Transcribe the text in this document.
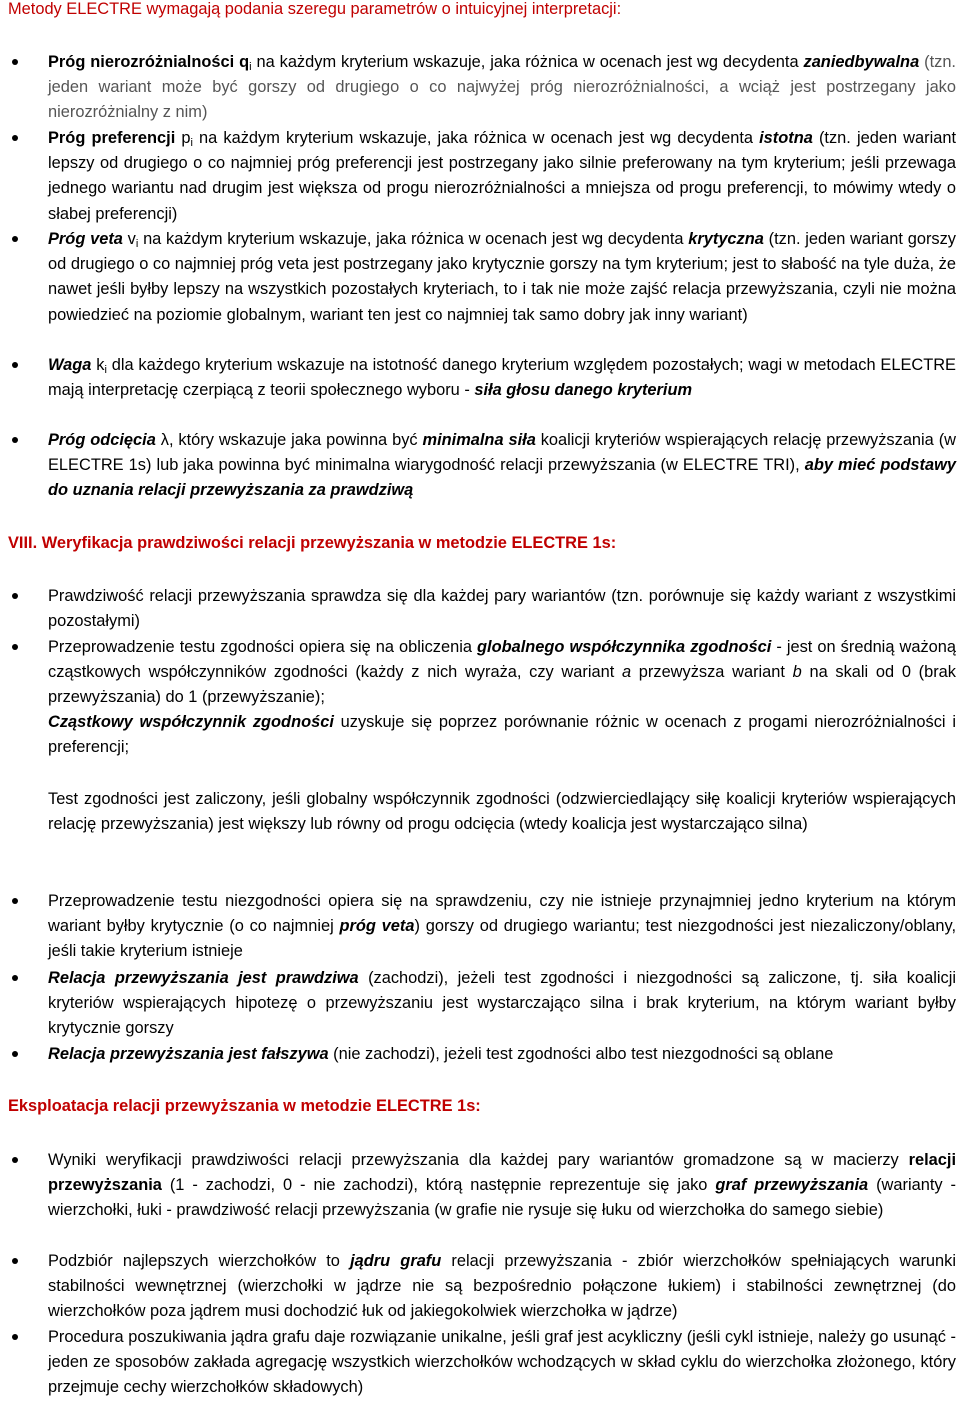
Metody ELECTRE wymagają podania szeregu parametrów o intuicyjnej interpretacji:
Próg nierozróżnialności $q_i$ na każdym kryterium wskazuje, jaka różnica w ocenach jest wg decydenta zaniedbywalna (tzn. jeden wariant może być gorszy od drugiego o co najwyżej próg nierozróżnialności, a wciąż jest postrzegany jako nierozróżnialny z nim)
Próg preferencji $p_i$ na każdym kryterium wskazuje, jaka różnica w ocenach jest wg decydenta istotna (tzn. jeden wariant lepszy od drugiego o co najmniej próg preferencji jest postrzegany jako silnie preferowany na tym kryterium; jeśli przewaga jednego wariantu nad drugim jest większa od progu nierozróżnialności a mniejsza od progu preferencji, to mówimy wtedy o słabej preferencji)
Próg veta $v_i$ na każdym kryterium wskazuje, jaka różnica w ocenach jest wg decydenta krytyczna (tzn. jeden wariant gorszy od drugiego o co najmniej próg veta jest postrzegany jako krytycznie gorszy na tym kryterium; jest to słabość na tyle duża, że nawet jeśli byłby lepszy na wszystkich pozostałych kryteriach, to i tak nie może zajść relacja przewyższania, czyli nie można powiedzieć na poziomie globalnym, wariant ten jest co najmniej tak samo dobry jak inny wariant)
Waga $k_i$ dla każdego kryterium wskazuje na istotność danego kryterium względem pozostałych; wagi w metodach ELECTRE mają interpretację czerpiącą z teorii społecznego wyboru - siła głosu danego kryterium
Próg odcięcia λ, który wskazuje jaka powinna być minimalna siła koalicji kryteriów wspierających relację przewyższania (w ELECTRE 1s) lub jaka powinna być minimalna wiarygodność relacji przewyższania (w ELECTRE TRI), aby mieć podstawy do uznania relacji przewyższania za prawdziwą
VIII. Weryfikacja prawdziwości relacji przewyższania w metodzie ELECTRE 1s:
Prawdziwość relacji przewyższania sprawdza się dla każdej pary wariantów (tzn. porównuje się każdy wariant z wszystkimi pozostałymi)
Przeprowadzenie testu zgodności opiera się na obliczenia globalnego współczynnika zgodności - jest on średnią ważoną cząstkowych współczynników zgodności (każdy z nich wyraża, czy wariant a przewyższa wariant b na skali od 0 (brak przewyższania) do 1 (przewyższanie);
Cząstkowy współczynnik zgodności uzyskuje się poprzez porównanie różnic w ocenach z progami nierozróżnialności i preferencji;
Test zgodności jest zaliczony, jeśli globalny współczynnik zgodności (odzwierciedlający siłę koalicji kryteriów wspierających relację przewyższania) jest większy lub równy od progu odcięcia (wtedy koalicja jest wystarczająco silna)
Przeprowadzenie testu niezgodności opiera się na sprawdzeniu, czy nie istnieje przynajmniej jedno kryterium na którym wariant byłby krytycznie (o co najmniej próg veta) gorszy od drugiego wariantu; test niezgodności jest niezaliczony/oblany, jeśli takie kryterium istnieje
Relacja przewyższania jest prawdziwa (zachodzi), jeżeli test zgodności i niezgodności są zaliczone, tj. siła koalicji kryteriów wspierających hipotezę o przewyższaniu jest wystarczająco silna i brak kryterium, na którym wariant byłby krytycznie gorszy
Relacja przewyższania jest fałszywa (nie zachodzi), jeżeli test zgodności albo test niezgodności są oblane
Eksploatacja relacji przewyższania w metodzie ELECTRE 1s:
Wyniki weryfikacji prawdziwości relacji przewyższania dla każdej pary wariantów gromadzone są w macierzy relacji przewyższania (1 - zachodzi, 0 - nie zachodzi), którą następnie reprezentuje się jako graf przewyższania (warianty - wierzchołki, łuki - prawdziwość relacji przewyższania (w grafie nie rysuje się łuku od wierzchołka do samego siebie)
Podzbiór najlepszych wierzchołków to jądru grafu relacji przewyższania - zbiór wierzchołków spełniających warunki stabilności wewnętrznej (wierzchołki w jądrze nie są bezpośrednio połączone łukiem) i stabilności zewnętrznej (do wierzchołków poza jądrem musi dochodzić łuk od jakiegokolwiek wierzchołka w jądrze)
Procedura poszukiwania jądra grafu daje rozwiązanie unikalne, jeśli graf jest acykliczny (jeśli cykl istnieje, należy go usunąć - jeden ze sposobów zakłada agregację wszystkich wierzchołków wchodzących w skład cyklu do wierzchołka złożonego, który przejmuje cechy wierzchołków składowych)
